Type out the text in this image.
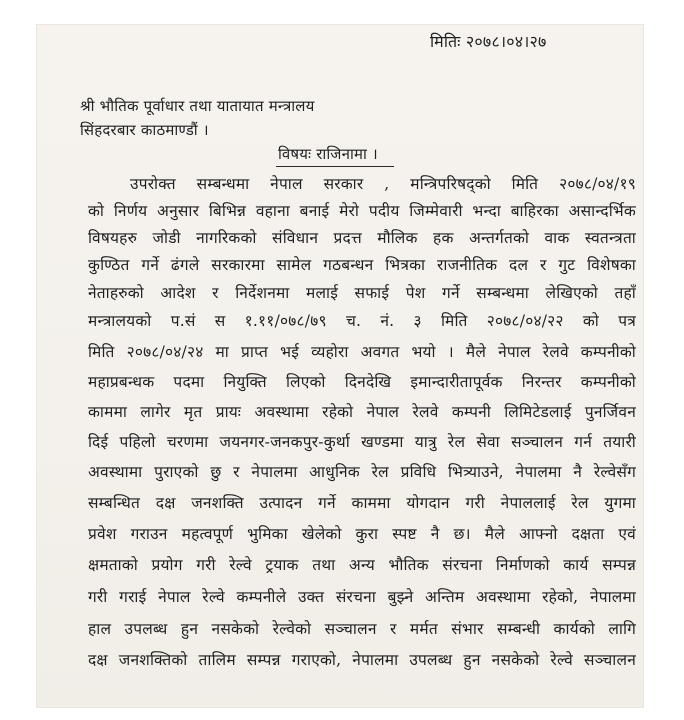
मितिः २०७८।०४।२७
श्री भौतिक पूर्वाधार तथा यातायात मन्त्रालय
सिंहदरबार काठमाण्डौं ।
विषयः राजिनामा ।
उपरोक्त सम्बन्धमा नेपाल सरकार , मन्त्रिपरिषद्को मिति २०७८/०४/१९
को निर्णय अनुसार बिभिन्न वहाना बनाई मेरो पदीय जिम्मेवारी भन्दा बाहिरका असान्दर्भिक
विषयहरु जोडी नागरिकको संविधान प्रदत्त मौलिक हक अन्तर्गतको वाक स्वतन्त्रता
कुण्ठित गर्ने ढंगले सरकारमा सामेल गठबन्धन भित्रका राजनीतिक दल र गुट विशेषका
नेताहरुको आदेश र निर्देशनमा मलाई सफाई पेश गर्ने सम्बन्धमा लेखिएको तहाँ
मन्त्रालयको प.सं स १.११/०७८/७९ च. नं. ३ मिति २०७८/०४/२२ को पत्र
मिति २०७८/०४/२४ मा प्राप्त भई व्यहोरा अवगत भयो । मैले नेपाल रेलवे कम्पनीको
महाप्रबन्धक पदमा नियुक्ति लिएको दिनदेखि इमान्दारीतापूर्वक निरन्तर कम्पनीको
काममा लागेर मृत प्रायः अवस्थामा रहेको नेपाल रेलवे कम्पनी लिमिटेडलाई पुनर्जिवन
दिई पहिलो चरणमा जयनगर-जनकपुर-कुर्था खण्डमा यात्रु रेल सेवा सञ्चालन गर्न तयारी
अवस्थामा पुराएको छु र नेपालमा आधुनिक रेल प्रविधि भित्र्याउने, नेपालमा नै रेल्वेसँग
सम्बन्धित दक्ष जनशक्ति उत्पादन गर्ने काममा योगदान गरी नेपाललाई रेल युगमा
प्रवेश गराउन महत्वपूर्ण भुमिका खेलेको कुरा स्पष्ट नै छ। मैले आफ्नो दक्षता एवं
क्षमताको प्रयोग गरी रेल्वे ट्रयाक तथा अन्य भौतिक संरचना निर्माणको कार्य सम्पन्न
गरी गराई नेपाल रेल्वे कम्पनीले उक्त संरचना बुझ्ने अन्तिम अवस्थामा रहेको, नेपालमा
हाल उपलब्ध हुन नसकेको रेल्वेको सञ्चालन र मर्मत संभार सम्बन्धी कार्यको लागि
दक्ष जनशक्तिको तालिम सम्पन्न गराएको, नेपालमा उपलब्ध हुन नसकेको रेल्वे सञ्चालन
